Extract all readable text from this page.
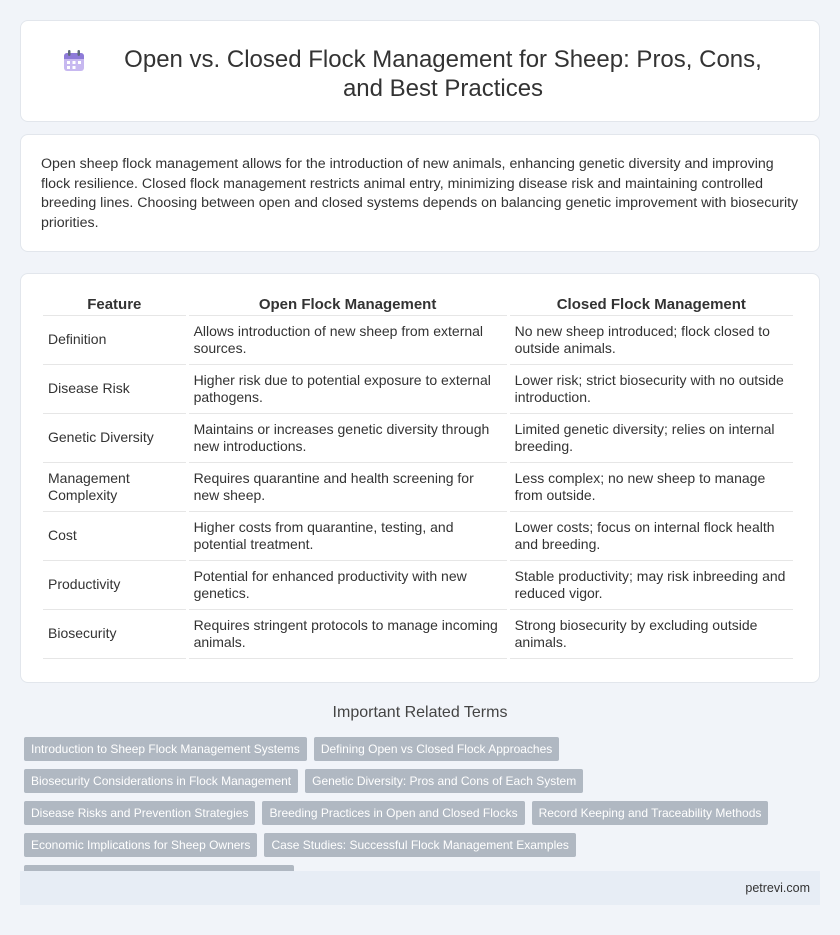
Open vs. Closed Flock Management for Sheep: Pros, Cons, and Best Practices

Open sheep flock management allows for the introduction of new animals, enhancing genetic diversity and improving flock resilience. Closed flock management restricts animal entry, minimizing disease risk and maintaining controlled breeding lines. Choosing between open and closed systems depends on balancing genetic improvement with biosecurity priorities.

Feature	Open Flock Management	Closed Flock Management
Definition	Allows introduction of new sheep from external sources.	No new sheep introduced; flock closed to outside animals.
Disease Risk	Higher risk due to potential exposure to external pathogens.	Lower risk; strict biosecurity with no outside introduction.
Genetic Diversity	Maintains or increases genetic diversity through new introductions.	Limited genetic diversity; relies on internal breeding.
Management Complexity	Requires quarantine and health screening for new sheep.	Less complex; no new sheep to manage from outside.
Cost	Higher costs from quarantine, testing, and potential treatment.	Lower costs; focus on internal flock health and breeding.
Productivity	Potential for enhanced productivity with new genetics.	Stable productivity; may risk inbreeding and reduced vigor.
Biosecurity	Requires stringent protocols to manage incoming animals.	Strong biosecurity by excluding outside animals.
Important Related Terms
Introduction to Sheep Flock Management Systems	Defining Open vs Closed Flock Approaches
Biosecurity Considerations in Flock Management	Genetic Diversity: Pros and Cons of Each System
Disease Risks and Prevention Strategies	Breeding Practices in Open and Closed Flocks	Record Keeping and Traceability Methods
Economic Implications for Sheep Owners	Case Studies: Successful Flock Management Examples
petrevi.com
